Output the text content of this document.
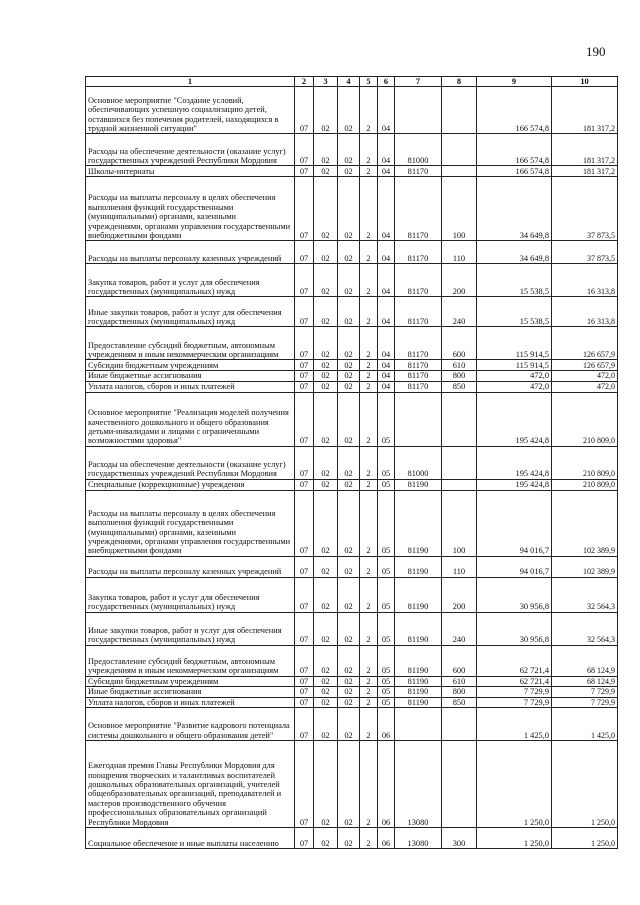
190
1	2	3	4	5	6	7	8	9	10
Основное мероприятие "Создание условий, обеспечивающих успешную социализацию детей, оставшихся без попечения родителей, находящихся в трудной жизненной ситуации"	07	02	02	2	04			166 574,8	181 317,2
Расходы на обеспечение деятельности (оказание услуг) государственных учреждений Республики Мордовия	07	02	02	2	04	81000		166 574,8	181 317,2
Школы-интернаты	07	02	02	2	04	81170		166 574,8	181 317,2
Расходы на выплаты персоналу в целях обеспечения выполнения функций государственными (муниципальными) органами, казенными учреждениями, органами управления государственными внебюджетными фондами	07	02	02	2	04	81170	100	34 649,8	37 873,5
Расходы на выплаты персоналу казенных учреждений	07	02	02	2	04	81170	110	34 649,8	37 873,5
Закупка товаров, работ и услуг для обеспечения государственных (муниципальных) нужд	07	02	02	2	04	81170	200	15 538,5	16 313,8
Иные закупки товаров, работ и услуг для обеспечения государственных (муниципальных) нужд	07	02	02	2	04	81170	240	15 538,5	16 313,8
Предоставление субсидий бюджетным, автономным учреждениям и иным некоммерческим организациям	07	02	02	2	04	81170	600	115 914,5	126 657,9
Субсидии бюджетным учреждениям	07	02	02	2	04	81170	610	115 914,5	126 657,9
Иные бюджетные ассигнования	07	02	02	2	04	81170	800	472,0	472,0
Уплата налогов, сборов и иных платежей	07	02	02	2	04	81170	850	472,0	472,0
Основное мероприятие "Реализация моделей получения качественного дошкольного и общего образования детьми-инвалидами и лицами с ограниченными возможностями здоровья"	07	02	02	2	05			195 424,8	210 809,0
Расходы на обеспечение деятельности (оказание услуг) государственных учреждений Республики Мордовия	07	02	02	2	05	81000		195 424,8	210 809,0
Специальные (коррекционные) учреждения	07	02	02	2	05	81190		195 424,8	210 809,0
Расходы на выплаты персоналу в целях обеспечения выполнения функций государственными (муниципальными) органами, казенными учреждениями, органами управления государственными внебюджетными фондами	07	02	02	2	05	81190	100	94 016,7	102 389,9
Расходы на выплаты персоналу казенных учреждений	07	02	02	2	05	81190	110	94 016,7	102 389,9
Закупка товаров, работ и услуг для обеспечения государственных (муниципальных) нужд	07	02	02	2	05	81190	200	30 956,8	32 564,3
Иные закупки товаров, работ и услуг для обеспечения государственных (муниципальных) нужд	07	02	02	2	05	81190	240	30 956,8	32 564,3
Предоставление субсидий бюджетным, автономным учреждениям и иным некоммерческим организациям	07	02	02	2	05	81190	600	62 721,4	68 124,9
Субсидии бюджетным учреждениям	07	02	02	2	05	81190	610	62 721,4	68 124,9
Иные бюджетные ассигнования	07	02	02	2	05	81190	800	7 729,9	7 729,9
Уплата налогов, сборов и иных платежей	07	02	02	2	05	81190	850	7 729,9	7 729,9
Основное мероприятие "Развитие кадрового потенциала системы дошкольного и общего образования детей"	07	02	02	2	06			1 425,0	1 425,0
Ежегодная премия Главы Республики Мордовия для поощрения творческих и талантливых воспитателей дошкольных образовательных организаций, учителей общеобразовательных организаций, преподавателей и мастеров производственного обучения профессиональных образовательных организаций Республики Мордовия	07	02	02	2	06	13080		1 250,0	1 250,0
Социальное обеспечение и иные выплаты населению	07	02	02	2	06	13080	300	1 250,0	1 250,0
